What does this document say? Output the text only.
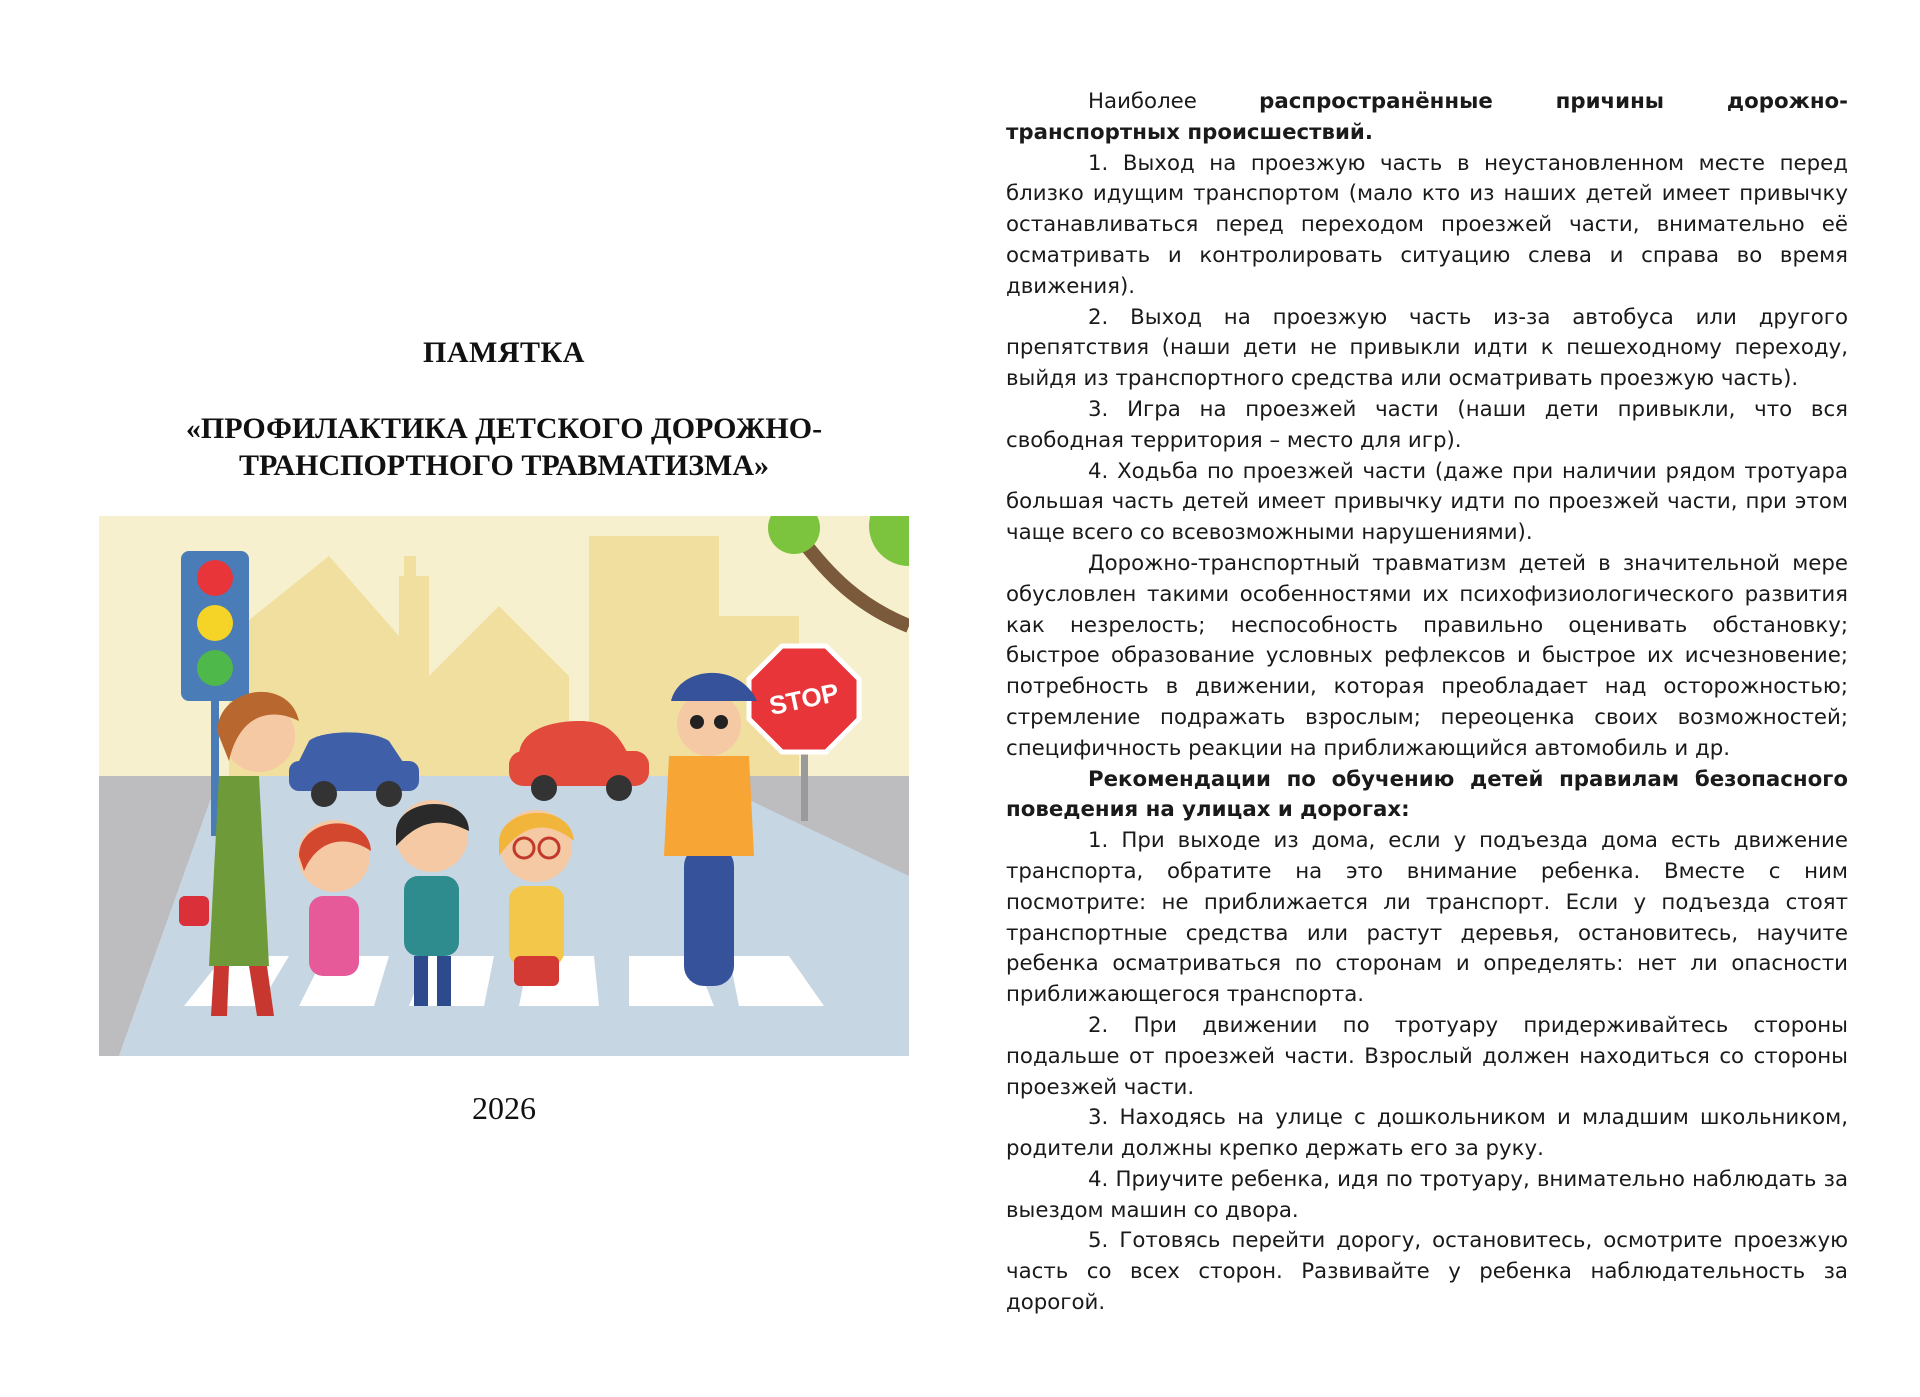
ПАМЯТКА
«ПРОФИЛАКТИКА ДЕТСКОГО ДОРОЖНО-
ТРАНСПОРТНОГО ТРАВМАТИЗМА»
STOP
2026

Наиболее	распространённые причины дорожно-транспортных происшествий.

1. Выход на проезжую часть в неустановленном месте перед близко идущим транспортом (мало кто из наших детей имеет привычку останавливаться перед переходом проезжей части, внимательно её осматривать и контролировать ситуацию слева и справа во время движения).

2. Выход на проезжую часть из-за автобуса или другого препятствия (наши дети не привыкли идти к пешеходному переходу, выйдя из транспортного средства или осматривать проезжую часть).

3. Игра на проезжей части (наши дети привыкли, что вся свободная территория – место для игр).

4. Ходьба по проезжей части (даже при наличии рядом тротуара большая часть детей имеет привычку идти по проезжей части, при этом чаще всего со всевозможными нарушениями).

Дорожно-транспортный травматизм детей в значительной мере обусловлен такими особенностями их психофизиологического развития как незрелость; неспособность правильно оценивать обстановку; быстрое образование условных рефлексов и быстрое их исчезновение; потребность в движении, которая преобладает над осторожностью; стремление подражать взрослым; переоценка своих возможностей; специфичность реакции на приближающийся автомобиль и др.

Рекомендации по обучению детей правилам безопасного поведения на улицах и дорогах:

1. При выходе из дома, если у подъезда дома есть движение транспорта, обратите на это внимание ребенка. Вместе с ним посмотрите: не приближается ли транспорт. Если у подъезда стоят транспортные средства или растут деревья, остановитесь, научите ребенка осматриваться по сторонам и определять: нет ли опасности приближающегося транспорта.

2. При движении по тротуару придерживайтесь стороны подальше от проезжей части. Взрослый должен находиться со стороны проезжей части.

3. Находясь на улице с дошкольником и младшим школьником, родители должны крепко держать его за руку.

4. Приучите ребенка, идя по тротуару, внимательно наблюдать за выездом машин со двора.

5. Готовясь перейти дорогу, остановитесь, осмотрите проезжую часть со всех сторон. Развивайте у ребенка наблюдательность за дорогой.
